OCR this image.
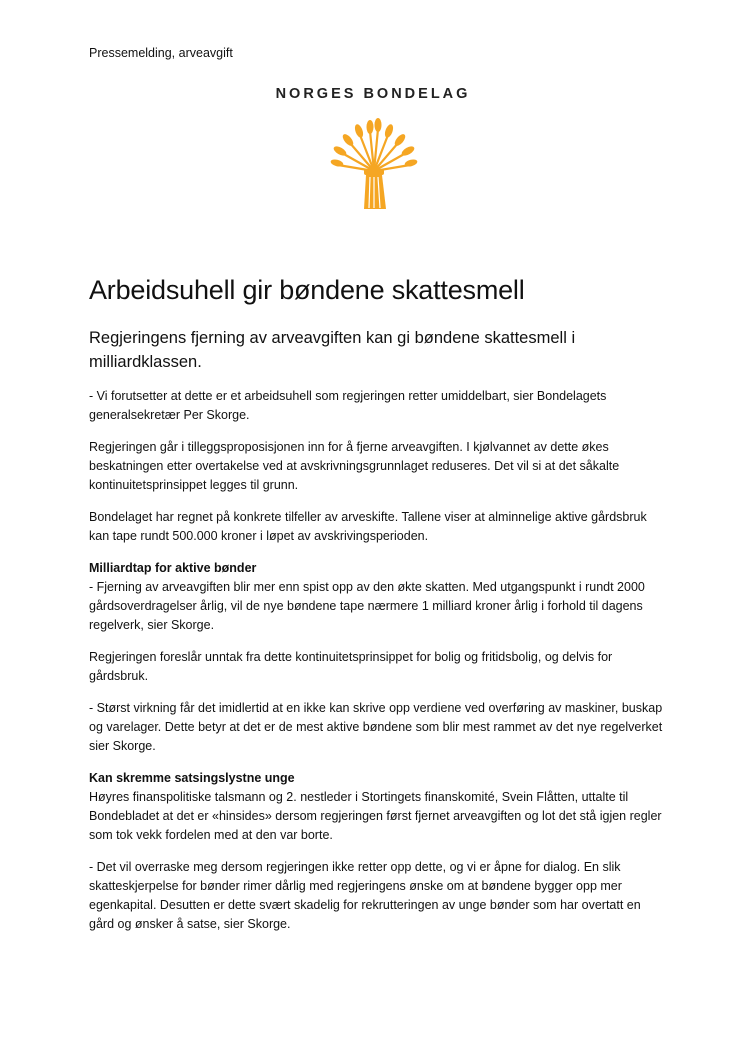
Pressemelding, arveavgift
NORGES BONDELAG
Arbeidsuhell gir bøndene skattesmell
Regjeringens fjerning av arveavgiften kan gi bøndene skattesmell i milliardklassen.

- Vi forutsetter at dette er et arbeidsuhell som regjeringen retter umiddelbart, sier Bondelagets generalsekretær Per Skorge.

Regjeringen går i tilleggsproposisjonen inn for å fjerne arveavgiften. I kjølvannet av dette økes beskatningen etter overtakelse ved at avskrivningsgrunnlaget reduseres. Det vil si at det såkalte kontinuitetsprinsippet legges til grunn.

Bondelaget har regnet på konkrete tilfeller av arveskifte. Tallene viser at alminnelige aktive gårdsbruk kan tape rundt 500.000 kroner i løpet av avskrivingsperioden.

Milliardtap for aktive bønder
- Fjerning av arveavgiften blir mer enn spist opp av den økte skatten. Med utgangspunkt i rundt 2000 gårdsoverdragelser årlig, vil de nye bøndene tape nærmere 1 milliard kroner årlig i forhold til dagens regelverk, sier Skorge.

Regjeringen foreslår unntak fra dette kontinuitetsprinsippet for bolig og fritidsbolig, og delvis for gårdsbruk.

- Størst virkning får det imidlertid at en ikke kan skrive opp verdiene ved overføring av maskiner, buskap og varelager. Dette betyr at det er de mest aktive bøndene som blir mest rammet av det nye regelverket sier Skorge.

Kan skremme satsingslystne unge
Høyres finanspolitiske talsmann og 2. nestleder i Stortingets finanskomité, Svein Flåtten, uttalte til Bondebladet at det er «hinsides» dersom regjeringen først fjernet arveavgiften og lot det stå igjen regler som tok vekk fordelen med at den var borte.

- Det vil overraske meg dersom regjeringen ikke retter opp dette, og vi er åpne for dialog. En slik skatteskjerpelse for bønder rimer dårlig med regjeringens ønske om at bøndene bygger opp mer egenkapital. Desutten er dette svært skadelig for rekrutteringen av unge bønder som har overtatt en gård og ønsker å satse, sier Skorge.
